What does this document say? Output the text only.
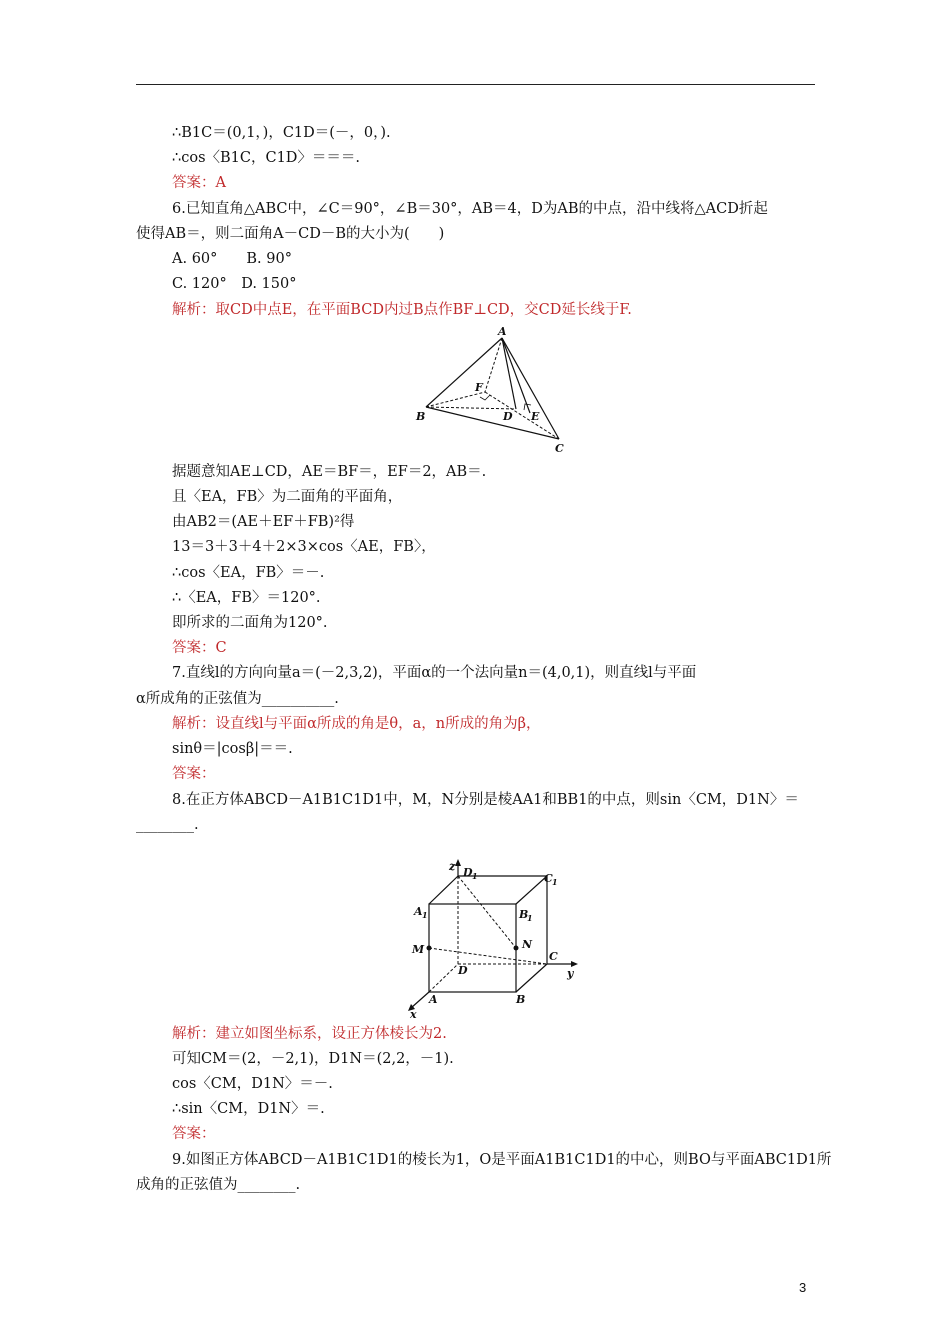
∴B1C＝(0,1，)，C1D＝(－，0，).
∴cos〈B1C，C1D〉＝＝＝.
答案：A
6.已知直角△ABC中，∠C＝90°，∠B＝30°，AB＝4，D为AB的中点，沿中线将△ACD折起
使得AB＝，则二面角A－CD－B的大小为(　　)
A. 60°　　B. 90°
C. 120°　D. 150°
解析：取CD中点E，在平面BCD内过B点作BF⊥CD，交CD延长线于F.
A
B
C
D E
F
据题意知AE⊥CD，AE＝BF＝，EF＝2，AB＝.
且〈EA，FB〉为二面角的平面角，
由AB2＝(AE＋EF＋FB)²得
13＝3＋3＋4＋2×3×cos〈AE，FB〉，
∴cos〈EA，FB〉＝－.
∴〈EA，FB〉＝120°.
即所求的二面角为120°.
答案：C
7.直线l的方向向量a＝(－2,3,2)，平面α的一个法向量n＝(4,0,1)，则直线l与平面
α所成角的正弦值为__________.
解析：设直线l与平面α所成的角是θ，a，n所成的角为β，
sinθ＝|cosβ|＝＝.
答案：
8.在正方体ABCD－A1B1C1D1中，M，N分别是棱AA1和BB1的中点，则sin〈CM，D1N〉＝
________.
z
y
x
D 1	C 1
A 1	B
1
M	N
C
D
A	B
解析：建立如图坐标系，设正方体棱长为2.
可知CM＝(2，－2,1)，D1N＝(2,2，－1).
cos〈CM，D1N〉＝－.
∴sin〈CM，D1N〉＝.
答案：
9.如图正方体ABCD－A1B1C1D1的棱长为1，O是平面A1B1C1D1的中心，则BO与平面ABC1D1所
成角的正弦值为________.
3
